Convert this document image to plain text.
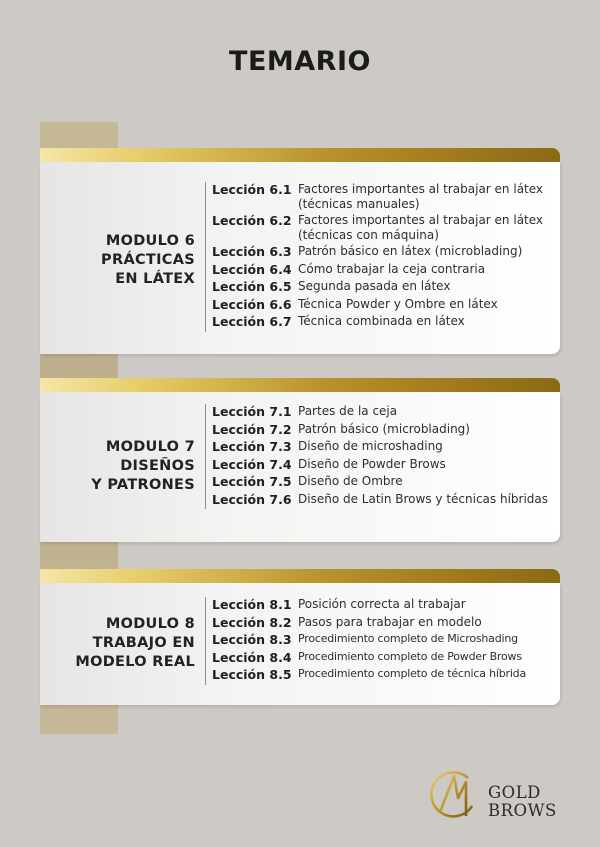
TEMARIO
MODULO 6
PRÁCTICAS
EN LÁTEX
Lección 6.1 Factores importantes al trabajar en látex (técnicas manuales)
Lección 6.2 Factores importantes al trabajar en látex (técnicas con máquina)
Lección 6.3 Patrón básico en látex (microblading)
Lección 6.4 Cómo trabajar la ceja contraria
Lección 6.5 Segunda pasada en látex
Lección 6.6 Técnica Powder y Ombre en látex
Lección 6.7 Técnica combinada en látex
MODULO 7
DISEÑOS
Y PATRONES
Lección 7.1 Partes de la ceja
Lección 7.2 Patrón básico (microblading)
Lección 7.3 Diseño de microshading
Lección 7.4 Diseño de Powder Brows
Lección 7.5 Diseño de Ombre
Lección 7.6 Diseño de Latin Brows y técnicas híbridas
MODULO 8
TRABAJO EN
MODELO REAL
Lección 8.1 Posición correcta al trabajar
Lección 8.2 Pasos para trabajar en modelo
Lección 8.3 Procedimiento completo de Microshading
Lección 8.4 Procedimiento completo de Powder Brows
Lección 8.5 Procedimiento completo de técnica híbrida
GOLD
BROWS
